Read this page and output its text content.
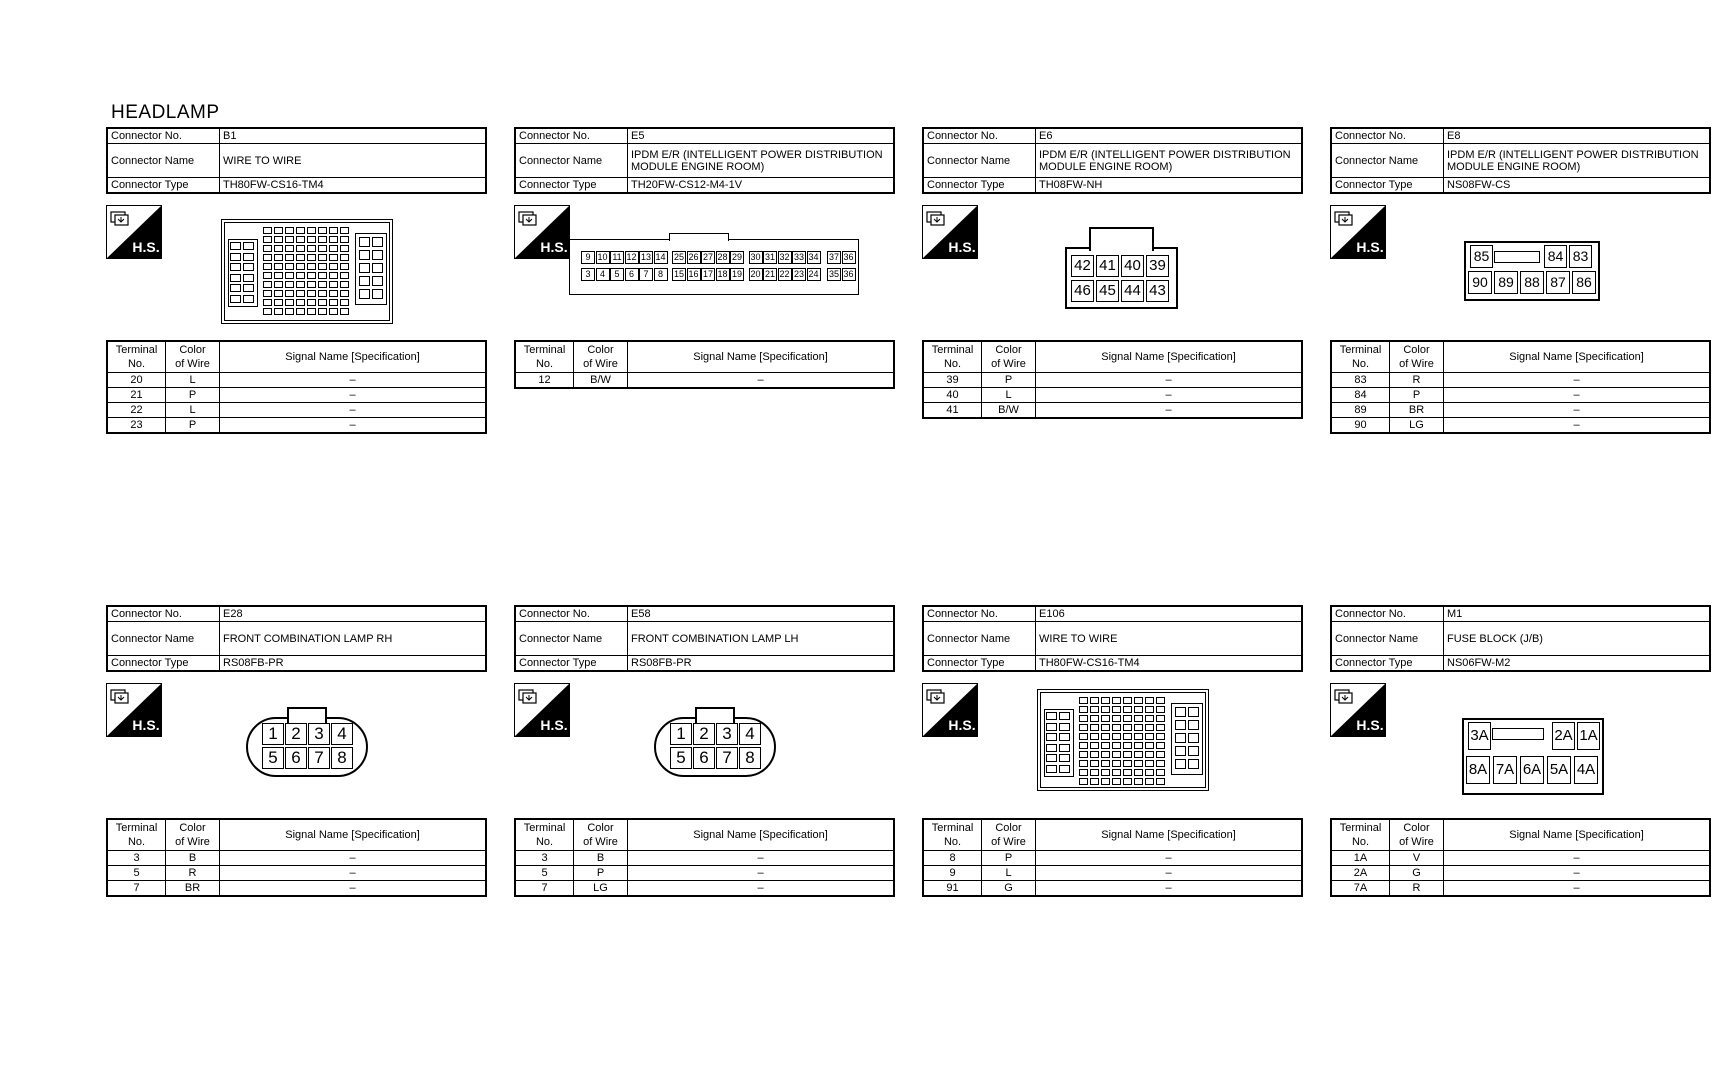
HEADLAMP
Connector No.	B1
Connector Name	WIRE TO WIRE
Connector Type	TH80FW-CS16-TM4
Terminal
No.	Color
of Wire	Signal Name [Specification]
20	L	–
21	P	–
22	L	–
23	P	–
Connector No.	E5
Connector Name	IPDM E/R (INTELLIGENT POWER DISTRIBUTION MODULE ENGINE ROOM)
Connector Type	TH20FW-CS12-M4-1V
9 10 11 12 13 14 25 26 27 28 29 30 31 32 33 34 37 36
3	4	5	6	7	8	15 16 17 18 19 20 21 22 23 24 35 36
Terminal
No.	Color
of Wire	Signal Name [Specification]
12	B/W	–
Connector No.	E6
Connector Name	IPDM E/R (INTELLIGENT POWER DISTRIBUTION MODULE ENGINE ROOM)
Connector Type	TH08FW-NH
42 41 40 39
46 45 44 43
Terminal
No.	Color
of Wire	Signal Name [Specification]
39	P	–
40	L	–
41	B/W	–
Connector No.	E8
Connector Name	IPDM E/R (INTELLIGENT POWER DISTRIBUTION MODULE ENGINE ROOM)
Connector Type	NS08FW-CS
85	84 83
90 89 88 87 86
Terminal
No.	Color
of Wire	Signal Name [Specification]
83	R	–
84	P	–
89	BR	–
90	LG	–
Connector No.	E28
Connector Name	FRONT COMBINATION LAMP RH
Connector Type	RS08FB-PR
1 2 3 4
5 6 7 8
Terminal
No.	Color
of Wire	Signal Name [Specification]
3	B	–
5	R	–
7	BR	–
Connector No.	E58
Connector Name	FRONT COMBINATION LAMP LH
Connector Type	RS08FB-PR
1 2 3 4
5 6 7 8
Terminal
No.	Color
of Wire	Signal Name [Specification]
3	B	–
5	P	–
7	LG	–
Connector No.	E106
Connector Name	WIRE TO WIRE
Connector Type	TH80FW-CS16-TM4
Terminal
No.	Color
of Wire	Signal Name [Specification]
8	P	–
9	L	–
91	G	–
Connector No.	M1
Connector Name	FUSE BLOCK (J/B)
Connector Type	NS06FW-M2
3A	2A 1A
8A 7A 6A 5A 4A
Terminal
No.	Color
of Wire	Signal Name [Specification]
1A	V	–
2A	G	–
7A	R	–
